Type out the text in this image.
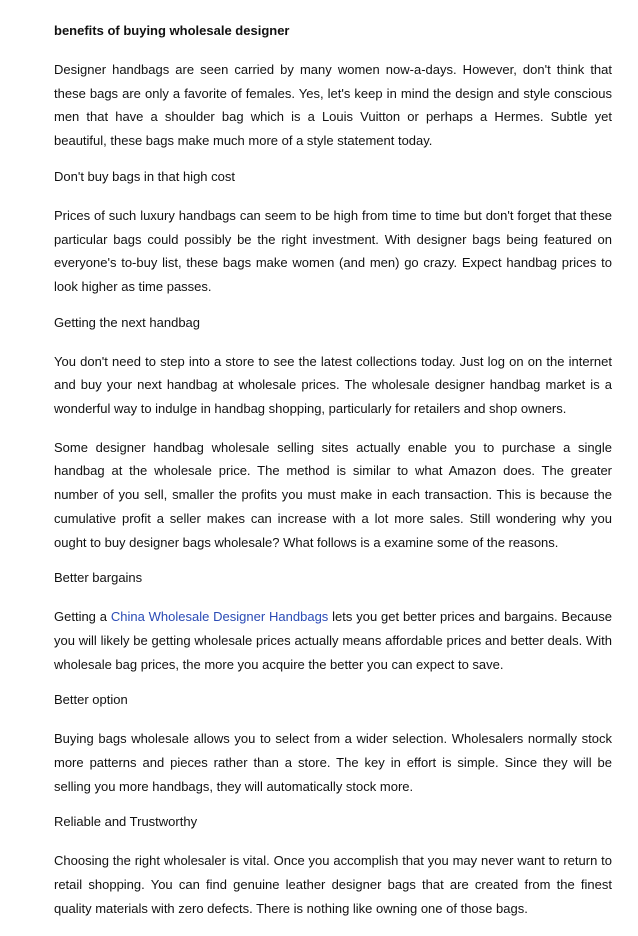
benefits of buying wholesale designer

Designer handbags are seen carried by many women now-a-days. However, don't think that these bags are only a favorite of females. Yes, let's keep in mind the design and style conscious men that have a shoulder bag which is a Louis Vuitton or perhaps a Hermes. Subtle yet beautiful, these bags make much more of a style statement today.

Don't buy bags in that high cost

Prices of such luxury handbags can seem to be high from time to time but don't forget that these particular bags could possibly be the right investment. With designer bags being featured on everyone's to-buy list, these bags make women (and men) go crazy. Expect handbag prices to look higher as time passes.

Getting the next handbag

You don't need to step into a store to see the latest collections today. Just log on on the internet and buy your next handbag at wholesale prices. The wholesale designer handbag market is a wonderful way to indulge in handbag shopping, particularly for retailers and shop owners.

Some designer handbag wholesale selling sites actually enable you to purchase a single handbag at the wholesale price. The method is similar to what Amazon does. The greater number of you sell, smaller the profits you must make in each transaction. This is because the cumulative profit a seller makes can increase with a lot more sales. Still wondering why you ought to buy designer bags wholesale? What follows is a examine some of the reasons.

Better bargains

Getting a China Wholesale Designer Handbags lets you get better prices and bargains. Because you will likely be getting wholesale prices actually means affordable prices and better deals. With wholesale bag prices, the more you acquire the better you can expect to save.

Better option

Buying bags wholesale allows you to select from a wider selection. Wholesalers normally stock more patterns and pieces rather than a store. The key in effort is simple. Since they will be selling you more handbags, they will automatically stock more.

Reliable and Trustworthy

Choosing the right wholesaler is vital. Once you accomplish that you may never want to return to retail shopping. You can find genuine leather designer bags that are created from the finest quality materials with zero defects. There is nothing like owning one of those bags.
